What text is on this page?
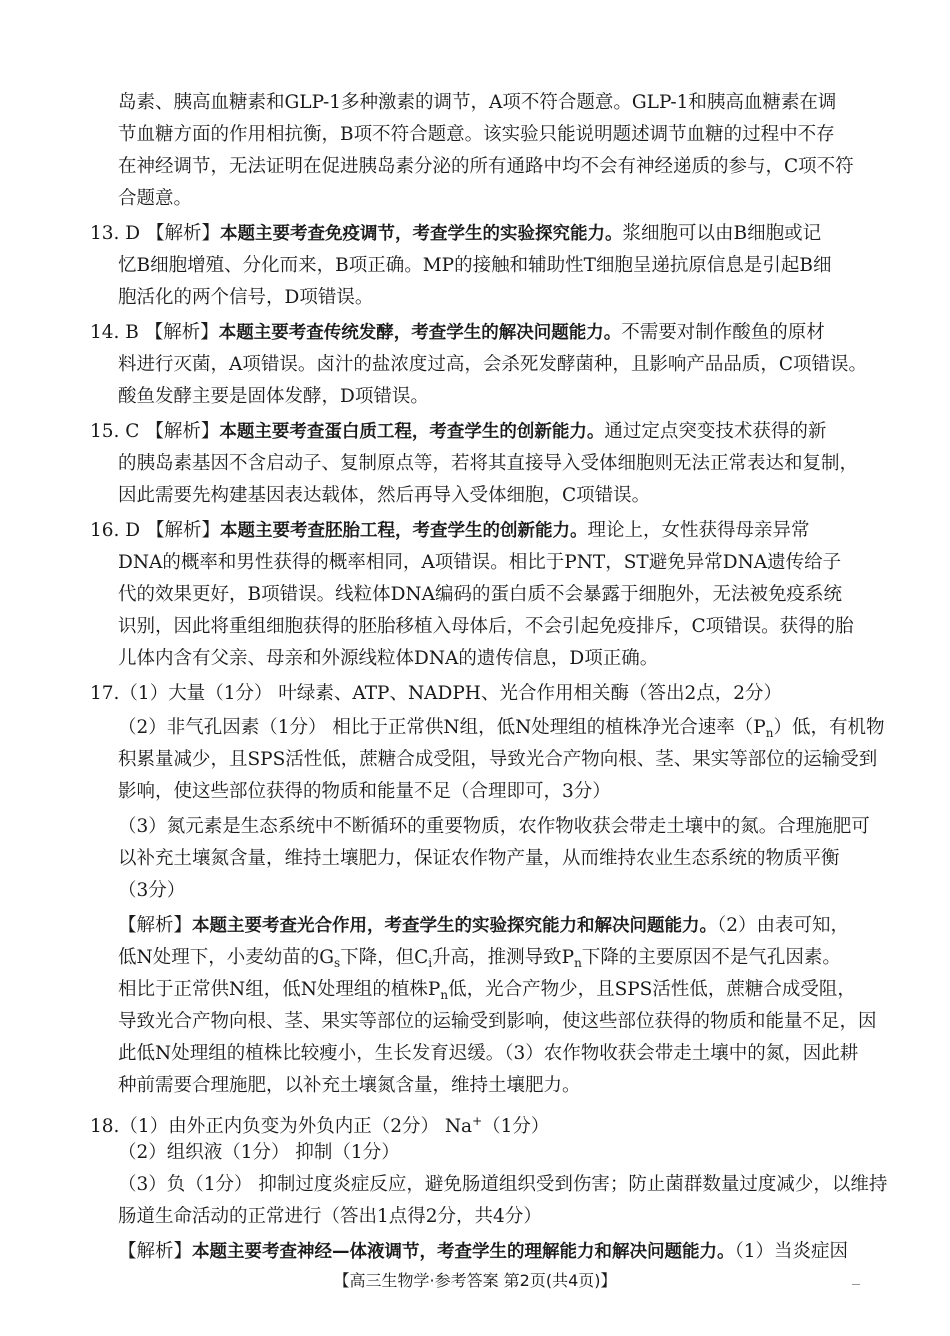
岛素、胰高血糖素和GLP-1多种激素的调节，A项不符合题意。GLP-1和胰高血糖素在调
节血糖方面的作用相抗衡，B项不符合题意。该实验只能说明题述调节血糖的过程中不存
在神经调节，无法证明在促进胰岛素分泌的所有通路中均不会有神经递质的参与，C项不符
合题意。
13. D 【解析】本题主要考查免疫调节，考查学生的实验探究能力。浆细胞可以由B细胞或记
忆B细胞增殖、分化而来，B项正确。MP的接触和辅助性T细胞呈递抗原信息是引起B细
胞活化的两个信号，D项错误。
14. B 【解析】本题主要考查传统发酵，考查学生的解决问题能力。不需要对制作酸鱼的原材
料进行灭菌，A项错误。卤汁的盐浓度过高，会杀死发酵菌种，且影响产品品质，C项错误。
酸鱼发酵主要是固体发酵，D项错误。
15. C 【解析】本题主要考查蛋白质工程，考查学生的创新能力。通过定点突变技术获得的新
的胰岛素基因不含启动子、复制原点等，若将其直接导入受体细胞则无法正常表达和复制，
因此需要先构建基因表达载体，然后再导入受体细胞，C项错误。
16. D 【解析】本题主要考查胚胎工程，考查学生的创新能力。理论上，女性获得母亲异常
DNA的概率和男性获得的概率相同，A项错误。相比于PNT，ST避免异常DNA遗传给子
代的效果更好，B项错误。线粒体DNA编码的蛋白质不会暴露于细胞外，无法被免疫系统
识别，因此将重组细胞获得的胚胎移植入母体后，不会引起免疫排斥，C项错误。获得的胎
儿体内含有父亲、母亲和外源线粒体DNA的遗传信息，D项正确。
17.（1）大量（1分） 叶绿素、ATP、NADPH、光合作用相关酶（答出2点，2分）
（2）非气孔因素（1分） 相比于正常供N组，低N处理组的植株净光合速率$(P_n)$低，有机物
积累量减少，且SPS活性低，蔗糖合成受阻，导致光合产物向根、茎、果实等部位的运输受到
影响，使这些部位获得的物质和能量不足（合理即可，3分）
（3）氮元素是生态系统中不断循环的重要物质，农作物收获会带走土壤中的氮。合理施肥可
以补充土壤氮含量，维持土壤肥力，保证农作物产量，从而维持农业生态系统的物质平衡
（3分）
【解析】本题主要考查光合作用，考查学生的实验探究能力和解决问题能力。（2）由表可知，
低N处理下，小麦幼苗的$G_s$下降，但$C_i$升高，推测导致$P_n$下降的主要原因不是气孔因素。
相比于正常供N组，低N处理组的植株$P_n$低，光合产物少，且SPS活性低，蔗糖合成受阻，
导致光合产物向根、茎、果实等部位的运输受到影响，使这些部位获得的物质和能量不足，因
此低N处理组的植株比较瘦小，生长发育迟缓。（3）农作物收获会带走土壤中的氮，因此耕
种前需要合理施肥，以补充土壤氮含量，维持土壤肥力。
18.（1）由外正内负变为外负内正（2分） Na+（1分）
（2）组织液（1分） 抑制（1分）
（3）负（1分） 抑制过度炎症反应，避免肠道组织受到伤害；防止菌群数量过度减少，以维持
肠道生命活动的正常进行（答出1点得2分，共4分）
【解析】本题主要考查神经—体液调节，考查学生的理解能力和解决问题能力。（1）当炎症因
【高三生物学·参考答案 第2页(共4页)】
